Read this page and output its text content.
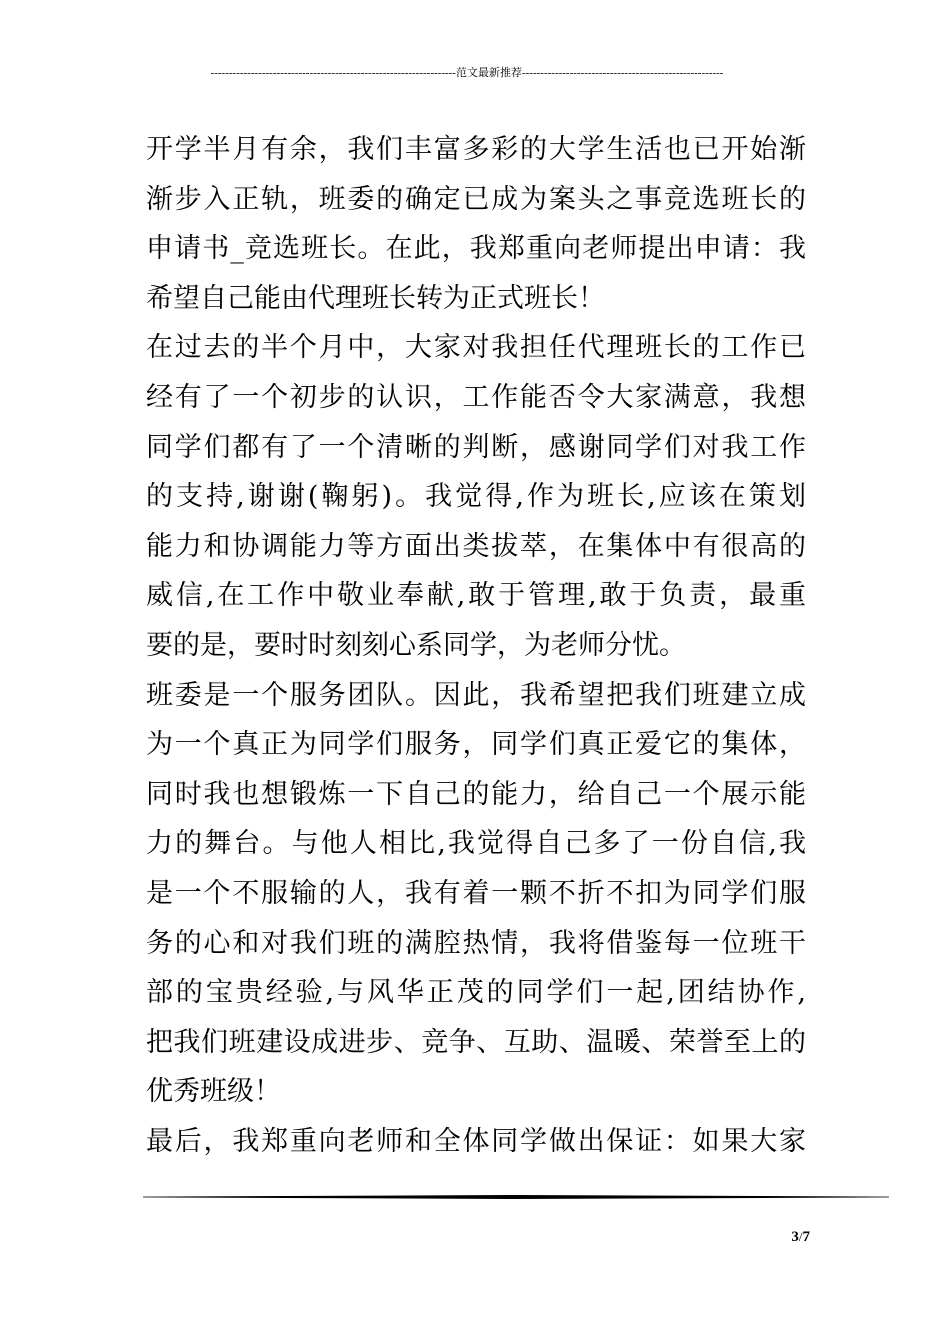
-------------------------------------------------------------------范文最新推荐-------------------------------------------------------
开学半月有余，我们丰富多彩的大学生活也已开始渐
渐步入正轨，班委的确定已成为案头之事竞选班长的
申请书_竞选班长。在此，我郑重向老师提出申请：我
希望自己能由代理班长转为正式班长！
在过去的半个月中，大家对我担任代理班长的工作已
经有了一个初步的认识，工作能否令大家满意，我想
同学们都有了一个清晰的判断，感谢同学们对我工作
的支持,谢谢(鞠躬)。我觉得,作为班长,应该在策划
能力和协调能力等方面出类拔萃，在集体中有很高的
威信,在工作中敬业奉献,敢于管理,敢于负责，最重
要的是，要时时刻刻心系同学，为老师分忧。
班委是一个服务团队。因此，我希望把我们班建立成
为一个真正为同学们服务，同学们真正爱它的集体，
同时我也想锻炼一下自己的能力，给自己一个展示能
力的舞台。与他人相比,我觉得自己多了一份自信,我
是一个不服输的人，我有着一颗不折不扣为同学们服
务的心和对我们班的满腔热情，我将借鉴每一位班干
部的宝贵经验,与风华正茂的同学们一起,团结协作,
把我们班建设成进步、竞争、互助、温暖、荣誉至上的
优秀班级！
最后，我郑重向老师和全体同学做出保证：如果大家
3/7
